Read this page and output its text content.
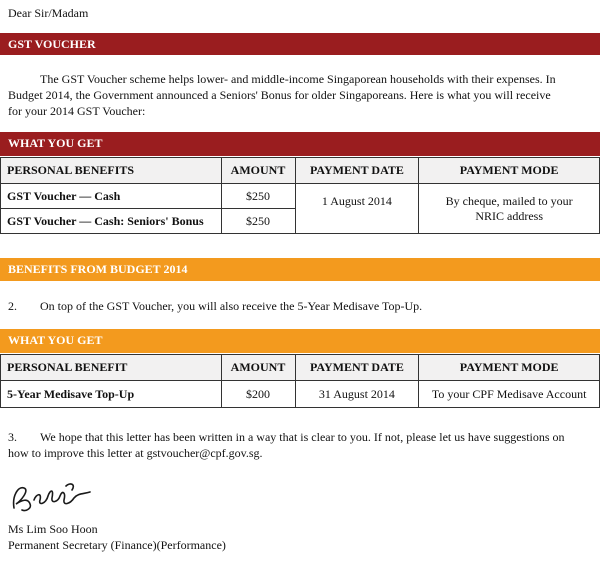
Dear Sir/Madam
GST VOUCHER
The GST Voucher scheme helps lower- and middle-income Singaporean households with their expenses. In
Budget 2014, the Government announced a Seniors' Bonus for older Singaporeans. Here is what you will receive
for your 2014 GST Voucher:
WHAT YOU GET
PERSONAL BENEFITS	AMOUNT	PAYMENT DATE	PAYMENT MODE
GST Voucher — Cash	$250	1 August 2014	By cheque, mailed to your
NRIC address

GST Voucher — Cash: Seniors' Bonus	$250		
BENEFITS FROM BUDGET 2014
2. On top of the GST Voucher, you will also receive the 5-Year Medisave Top-Up.
WHAT YOU GET
PERSONAL BENEFIT	AMOUNT	PAYMENT DATE	PAYMENT MODE
5-Year Medisave Top-Up	$200	31 August 2014	To your CPF Medisave Account
3. We hope that this letter has been written in a way that is clear to you. If not, please let us have suggestions on
how to improve this letter at gstvoucher@cpf.gov.sg.
Ms Lim Soo Hoon
Permanent Secretary (Finance)(Performance)
